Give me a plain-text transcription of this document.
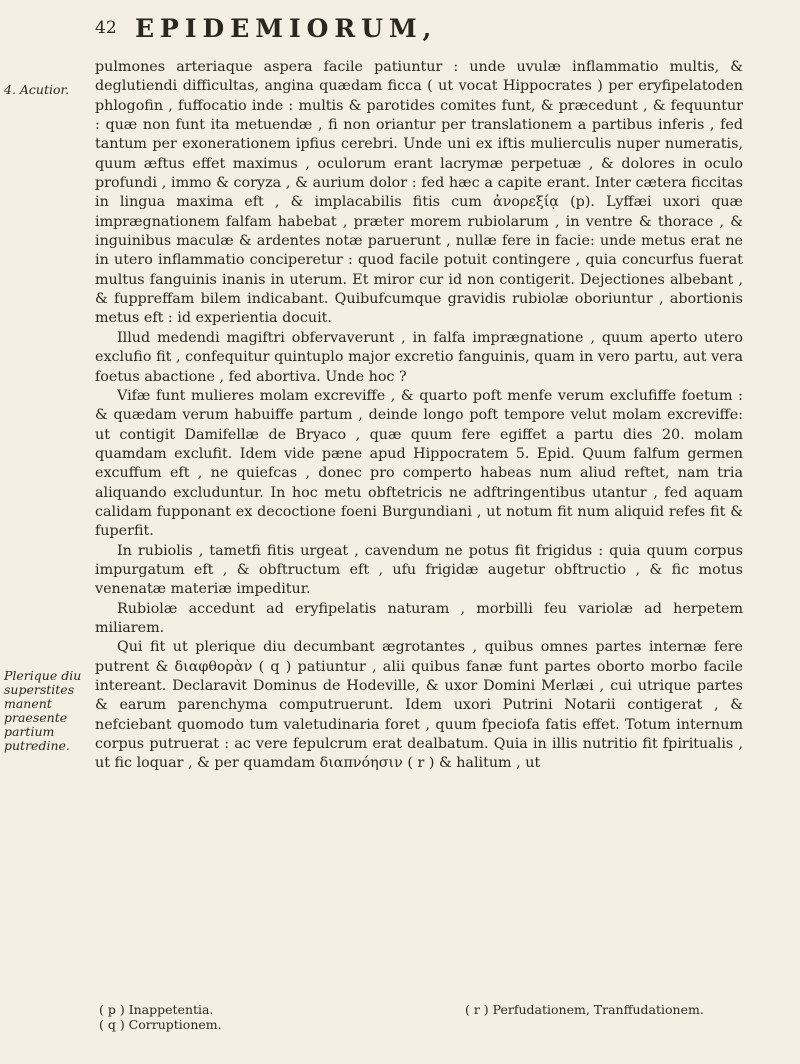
42 EPIDEMIORUM,
4. Acutior.
Plerique diu superstites manent praesente partium putredine.

pulmones arteriaque aspera facile patiuntur : unde uvulæ inflammatio multis, & deglutiendi difficultas, angina quædam ficca ( ut vocat Hippocrates ) per eryfipelatoden phlogofin , fuffocatio inde : multis & parotides comites funt, & præcedunt , & fequuntur : quæ non funt ita metuendæ , fi non oriantur per translationem a partibus inferis , fed tantum per exonerationem ipfius cerebri. Unde uni ex iftis mulierculis nuper numeratis, quum æftus effet maximus , oculorum erant lacrymæ perpetuæ , & dolores in oculo profundi , immo & coryza , & aurium dolor : fed hæc a capite erant. Inter cætera ficcitas in lingua maxima eft , & implacabilis fitis cum ἀνορεξίᾳ (p). Lyffæi uxori quæ imprægnationem falfam habebat , præter morem rubiolarum , in ventre & thorace , & inguinibus maculæ & ardentes notæ paruerunt , nullæ fere in facie: unde metus erat ne in utero inflammatio conciperetur : quod facile potuit contingere , quia concurfus fuerat multus fanguinis inanis in uterum. Et miror cur id non contigerit. Dejectiones albebant , & fuppreffam bilem indicabant. Quibufcumque gravidis rubiolæ oboriuntur , abortionis metus eft : id experientia docuit.

Illud medendi magiftri obfervaverunt , in falfa imprægnatione , quum aperto utero exclufio fit , confequitur quintuplo major excretio fanguinis, quam in vero partu, aut vera foetus abactione , fed abortiva. Unde hoc ?

Vifæ funt mulieres molam excreviffe , & quarto poft menfe verum exclufiffe foetum : & quædam verum habuiffe partum , deinde longo poft tempore velut molam excreviffe: ut contigit Damifellæ de Bryaco , quæ quum fere egiffet a partu dies 20. molam quamdam exclufit. Idem vide pæne apud Hippocratem 5. Epid. Quum falfum germen excuffum eft , ne quiefcas , donec pro comperto habeas num aliud reftet, nam tria aliquando excluduntur. In hoc metu obftetricis ne adftringentibus utantur , fed aquam calidam fupponant ex decoctione foeni Burgundiani , ut notum fit num aliquid refes fit & fuperfit.

In rubiolis , tametfi fitis urgeat , cavendum ne potus fit frigidus : quia quum corpus impurgatum eft , & obftructum eft , ufu frigidæ augetur obftructio , & fic motus venenatæ materiæ impeditur.

Rubiolæ accedunt ad eryfipelatis naturam , morbilli feu variolæ ad herpetem miliarem.

Qui fit ut plerique diu decumbant ægrotantes , quibus omnes partes internæ fere putrent & διαφθορὰν ( q ) patiuntur , alii quibus fanæ funt partes oborto morbo facile intereant. Declaravit Dominus de Hodeville, & uxor Domini Merlæi , cui utrique partes & earum parenchyma computruerunt. Idem uxori Putrini Notarii contigerat , & nefciebant quomodo tum valetudinaria foret , quum fpeciofa fatis effet. Totum internum corpus putruerat : ac vere fepulcrum erat dealbatum. Quia in illis nutritio fit fpiritualis , ut fic loquar , & per quamdam διαπνόησιν ( r ) & halitum , ut

( p ) Inappetentia.	( r ) Perfudationem, Tranffudationem.
( q ) Corruptionem.
